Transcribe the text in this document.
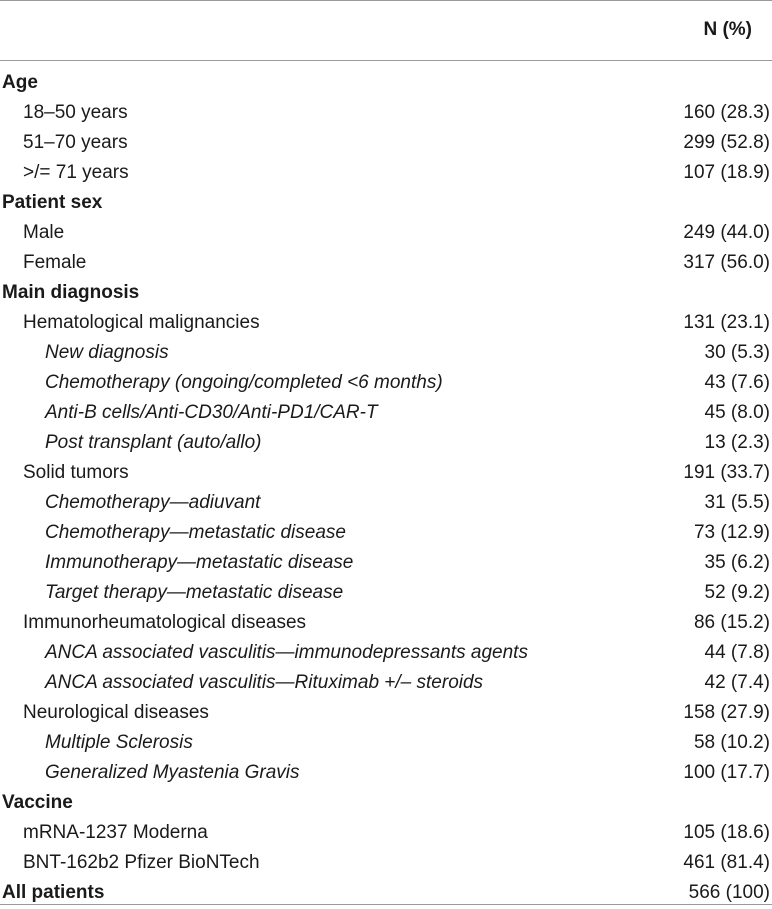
N (%)
Age
18–50 years	160 (28.3)
51–70 years	299 (52.8)
>/= 71 years	107 (18.9)
Patient sex
Male	249 (44.0)
Female	317 (56.0)
Main diagnosis
Hematological malignancies	131 (23.1)
New diagnosis	30 (5.3)
Chemotherapy (ongoing/completed <6 months)	43 (7.6)
Anti-B cells/Anti-CD30/Anti-PD1/CAR-T	45 (8.0)
Post transplant (auto/allo)	13 (2.3)
Solid tumors	191 (33.7)
Chemotherapy—adiuvant	31 (5.5)
Chemotherapy—metastatic disease	73 (12.9)
Immunotherapy—metastatic disease	35 (6.2)
Target therapy—metastatic disease	52 (9.2)
Immunorheumatological diseases	86 (15.2)
ANCA associated vasculitis—immunodepressants agents	44 (7.8)
ANCA associated vasculitis—Rituximab +/– steroids	42 (7.4)
Neurological diseases	158 (27.9)
Multiple Sclerosis	58 (10.2)
Generalized Myastenia Gravis	100 (17.7)
Vaccine
mRNA-1237 Moderna	105 (18.6)
BNT-162b2 Pfizer BioNTech	461 (81.4)
All patients	566 (100)
